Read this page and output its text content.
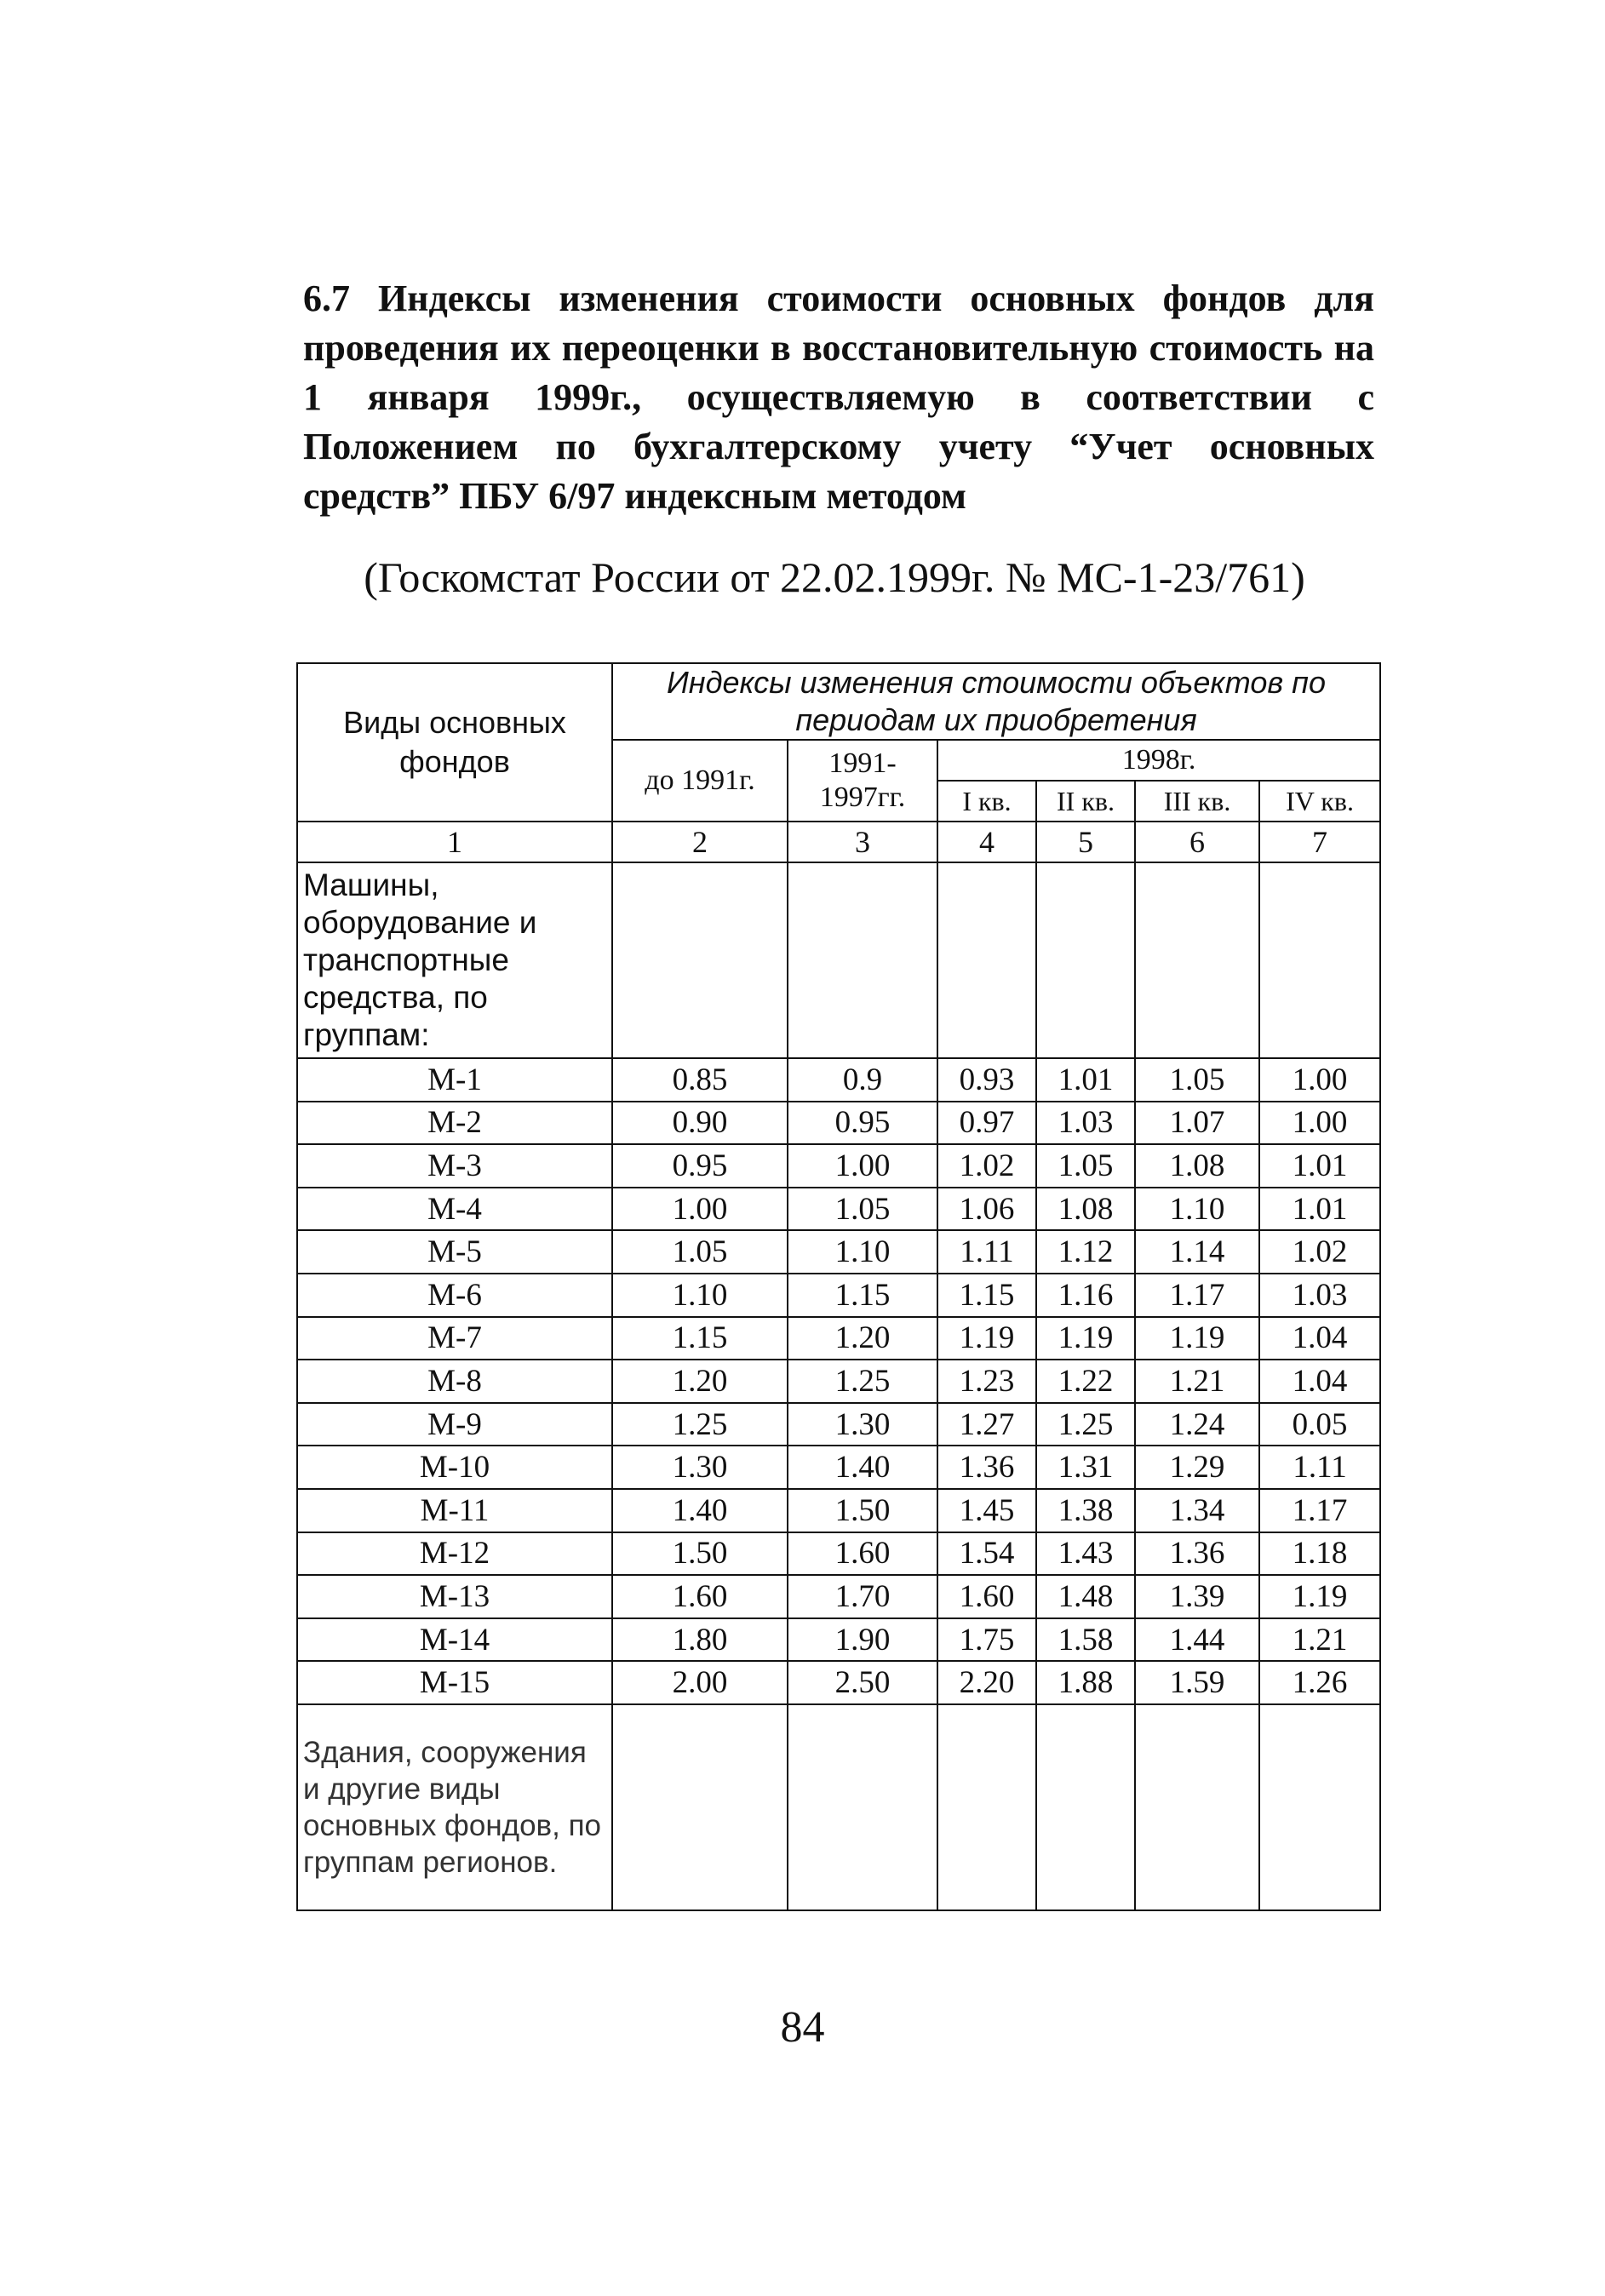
6.7 Индексы изменения стоимости основных фондов для проведения их переоценки в восстановительную стоимость на 1 января 1999г., осуществляемую в соответствии с Положением по бухгалтерскому учету “Учет основных средств” ПБУ 6/97 индексным методом
(Госкомстат России от 22.02.1999г. № МС-1-23/761)
Виды основных фондов	Индексы изменения стоимости объектов по периодам их приобретения					
	до 1991г.	1991-1997гг.	1998г.			
			I кв.	II кв.	III кв.	IV кв.
1	2	3	4	5	6	7
Машины, оборудование и транспортные средства, по группам:						
М-1	0.85	0.9	0.93	1.01	1.05	1.00
М-2	0.90	0.95	0.97	1.03	1.07	1.00
М-3	0.95	1.00	1.02	1.05	1.08	1.01
М-4	1.00	1.05	1.06	1.08	1.10	1.01
М-5	1.05	1.10	1.11	1.12	1.14	1.02
М-6	1.10	1.15	1.15	1.16	1.17	1.03
М-7	1.15	1.20	1.19	1.19	1.19	1.04
М-8	1.20	1.25	1.23	1.22	1.21	1.04
М-9	1.25	1.30	1.27	1.25	1.24	0.05
М-10	1.30	1.40	1.36	1.31	1.29	1.11
М-11	1.40	1.50	1.45	1.38	1.34	1.17
М-12	1.50	1.60	1.54	1.43	1.36	1.18
М-13	1.60	1.70	1.60	1.48	1.39	1.19
М-14	1.80	1.90	1.75	1.58	1.44	1.21
М-15	2.00	2.50	2.20	1.88	1.59	1.26
Здания, сооружения и другие виды основных фондов, по группам регионов.						
84
